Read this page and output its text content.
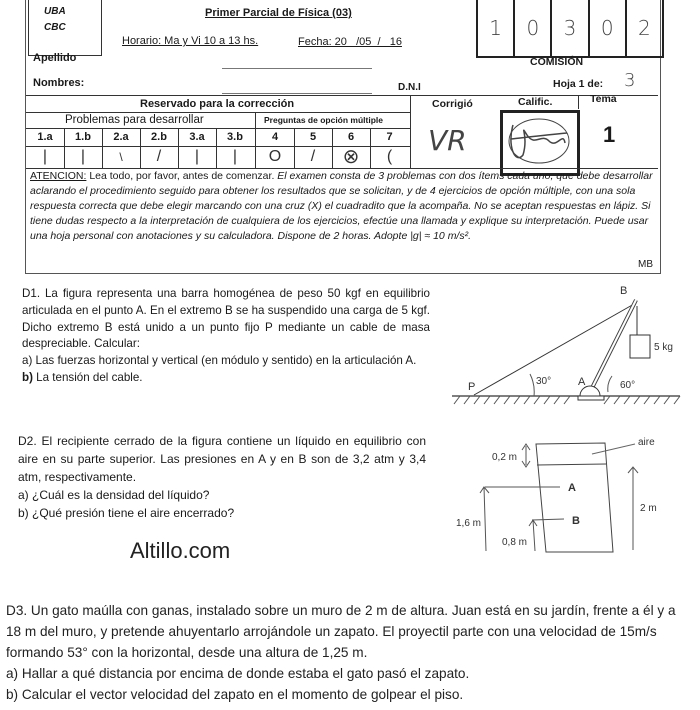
UBA
CBC
Primer Parcial de Física (03)
Horario: Ma y Vi 10 a 13 hs.	Fecha: 20   /05  /   16
1	0	3	0	2
Apellido	COMISIÓN
Nombres:	D.N.I	Hoja 1 de: 3
Reservado para la corrección	Corrigió	Calific.	Tema
Problemas para desarrollar	Preguntas de opción múltiple
1.a	1.b	2.a	2.b	3.a	3.b	4	5	6	7
|	|	\	/	|	|	O	/	⊗	(	VR	1
ATENCION: Lea todo, por favor, antes de comenzar. El examen consta de 3 problemas con dos ítems cada uno, que debe desarrollar aclarando el procedimiento seguido para obtener los resultados que se solicitan, y de 4 ejercicios de opción múltiple, con una sola respuesta correcta que debe elegir marcando con una cruz (X) el cuadradito que la acompaña. No se aceptan respuestas en lápiz. Si tiene dudas respecto a la interpretación de cualquiera de los ejercicios, efectúe una llamada y explique su interpretación. Puede usar una hoja personal con anotaciones y su calculadora. Dispone de 2 horas. Adopte |g| ≈ 10 m/s².
MB
D1. La figura representa una barra homogénea de peso 50 kgf en equilibrio articulada en el punto A. En el extremo B se ha suspendido una carga de 5 kgf. Dicho extremo B está unido a un punto fijo P mediante un cable de masa despreciable. Calcular:
a) Las fuerzas horizontal y vertical (en módulo y sentido) en la articulación A.
b) La tensión del cable.
B
P	A
5 kg
30°	60°
D2. El recipiente cerrado de la figura contiene un líquido en equilibrio con aire en su parte superior. Las presiones en A y en B son de 3,2 atm y 3,4 atm, respectivamente.
a) ¿Cuál es la densidad del líquido?
b) ¿Qué presión tiene el aire encerrado?
aire
0,2 m
A
B
1,6 m
0,8 m
2 m
Altillo.com
D3. Un gato maúlla con ganas, instalado sobre un muro de 2 m de altura. Juan está en su jardín, frente a él y a
18 m del muro, y pretende ahuyentarlo arrojándole un zapato. El proyectil parte con una velocidad de 15m/s
formando 53° con la horizontal, desde una altura de 1,25 m.
a) Hallar a qué distancia por encima de donde estaba el gato pasó el zapato.
b) Calcular el vector velocidad del zapato en el momento de golpear el piso.
